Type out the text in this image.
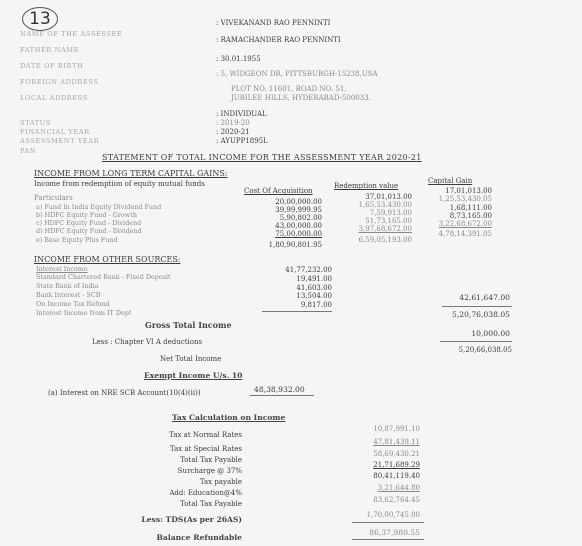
13
NAME OF THE ASSESSEE
FATHER NAME
DATE OF BIRTH
FOREIGN ADDRESS
LOCAL ADDRESS
STATUS
FINANCIAL YEAR
ASSESSMENT YEAR
PAN
: VIVEKANAND RAO PENNINTI
: RAMACHANDER RAO PENNINTI
: 30.01.1955
: 5, WIDGEON DR, PITTSBURGH-15238,USA
PLOT NO. 11601, ROAD NO. 51,
JUBILEE HILLS, HYDERABAD-500033.
: INDIVIDUAL
: 2019-20
: 2020-21
: AYUPP1895L
STATEMENT OF TOTAL INCOME FOR THE ASSESSMENT YEAR 2020-21
INCOME FROM LONG TERM CAPITAL GAINS:
Income from redemption of equity mutual funds
Particulars
Cost Of Acquisition
Redemption value
Capital Gain
a) Fund In India Equity Dividend Fund
b) HDFC Equity Fund - Growth
c) HDFC Equity Fund - Dividend
d) HDFC Equity Fund - Dividend
e) Base Equity Plus Fund
20,00,000.00
39,99,999.95
5,90,802.00
43,00,000.00
75,00,000.00
1,80,90,801.95
37,01,013.00
1,65,53,430.00
7,59,913.00
51,73,165.00
3,97,68,672.00
6,59,05,193.00
17,01,013.00
1,25,53,430.05
1,68,111.00
8,73,165.00
3,22,68,672.00
4,78,14,391.05
INCOME FROM OTHER SOURCES:
Interest Income
Standard Chartered Bank - Fixed Deposit
State Bank of India
Bank Interest - SCB
On Income Tax Refund
Interest Income from IT Dept
41,77,232.00
19,491.00
41,603.00
13,504.00
9,817.00
42,61,647.00
5,20,76,038.05
Gross Total Income
Less : Chapter VI A deductions
10,000.00
5,20,66,038.05
Net Total Income
Exempt Income U/s. 10
(a) Interest on NRE SCB Account(10(4)(ii))	48,38,932.00
Tax Calculation on Income
Tax at Normal Rates
Tax at Special Rates
Total Tax Payable
Surcharge @ 37%
Tax payable
Add: Education@4%
Total Tax Payable
Less: TDS(As per 26AS)
Balance Refundable
10,87,991.10
47,81,439.11
58,69,430.21
21,71,689.29
80,41,119.40
3,21,644.80
83,62,764.45
1,70,00,745.00
86,37,980.55
